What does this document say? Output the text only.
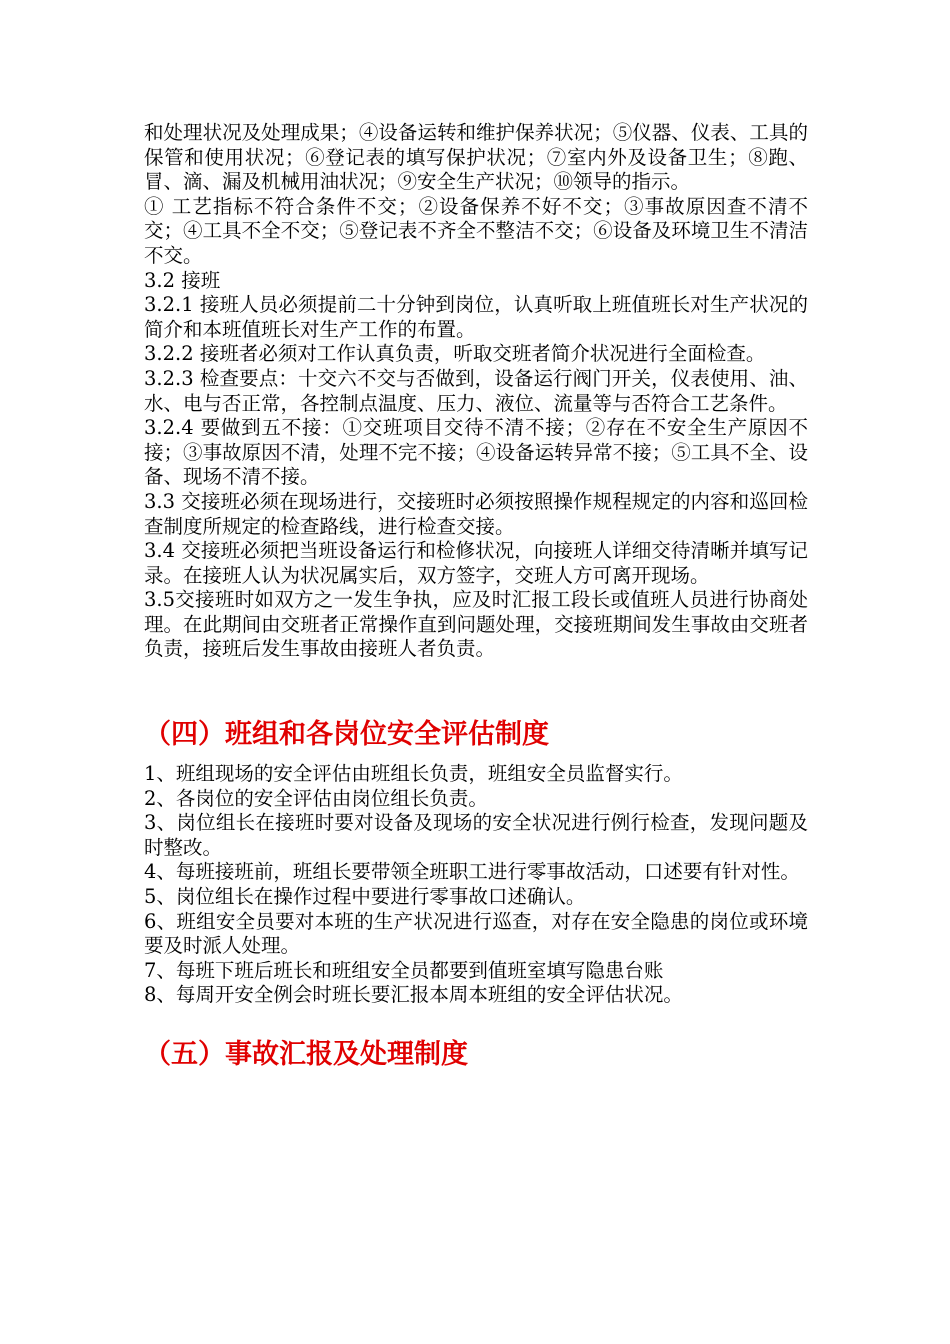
和处理状况及处理成果；④设备运转和维护保养状况；⑤仪器、仪表、工具的保管和使用状况；⑥登记表的填写保护状况；⑦室内外及设备卫生；⑧跑、冒、滴、漏及机械用油状况；⑨安全生产状况；⑩领导的指示。

① 工艺指标不符合条件不交；②设备保养不好不交；③事故原因查不清不交；④工具不全不交；⑤登记表不齐全不整洁不交；⑥设备及环境卫生不清洁不交。

3.2 接班

3.2.1 接班人员必须提前二十分钟到岗位，认真听取上班值班长对生产状况的简介和本班值班长对生产工作的布置。

3.2.2 接班者必须对工作认真负责，听取交班者简介状况进行全面检查。

3.2.3 检查要点：十交六不交与否做到，设备运行阀门开关，仪表使用、油、水、电与否正常，各控制点温度、压力、液位、流量等与否符合工艺条件。

3.2.4 要做到五不接：①交班项目交待不清不接；②存在不安全生产原因不接；③事故原因不清，处理不完不接；④设备运转异常不接；⑤工具不全、设备、现场不清不接。

3.3 交接班必须在现场进行，交接班时必须按照操作规程规定的内容和巡回检查制度所规定的检查路线，进行检查交接。

3.4 交接班必须把当班设备运行和检修状况，向接班人详细交待清晰并填写记录。在接班人认为状况属实后，双方签字，交班人方可离开现场。

3.5交接班时如双方之一发生争执，应及时汇报工段长或值班人员进行协商处理。在此期间由交班者正常操作直到问题处理，交接班期间发生事故由交班者负责，接班后发生事故由接班人者负责。

（四）班组和各岗位安全评估制度

1、班组现场的安全评估由班组长负责，班组安全员监督实行。

2、各岗位的安全评估由岗位组长负责。

3、岗位组长在接班时要对设备及现场的安全状况进行例行检查，发现问题及时整改。

4、每班接班前，班组长要带领全班职工进行零事故活动，口述要有针对性。

5、岗位组长在操作过程中要进行零事故口述确认。

6、班组安全员要对本班的生产状况进行巡查，对存在安全隐患的岗位或环境要及时派人处理。

7、每班下班后班长和班组安全员都要到值班室填写隐患台账

8、每周开安全例会时班长要汇报本周本班组的安全评估状况。

（五）事故汇报及处理制度
